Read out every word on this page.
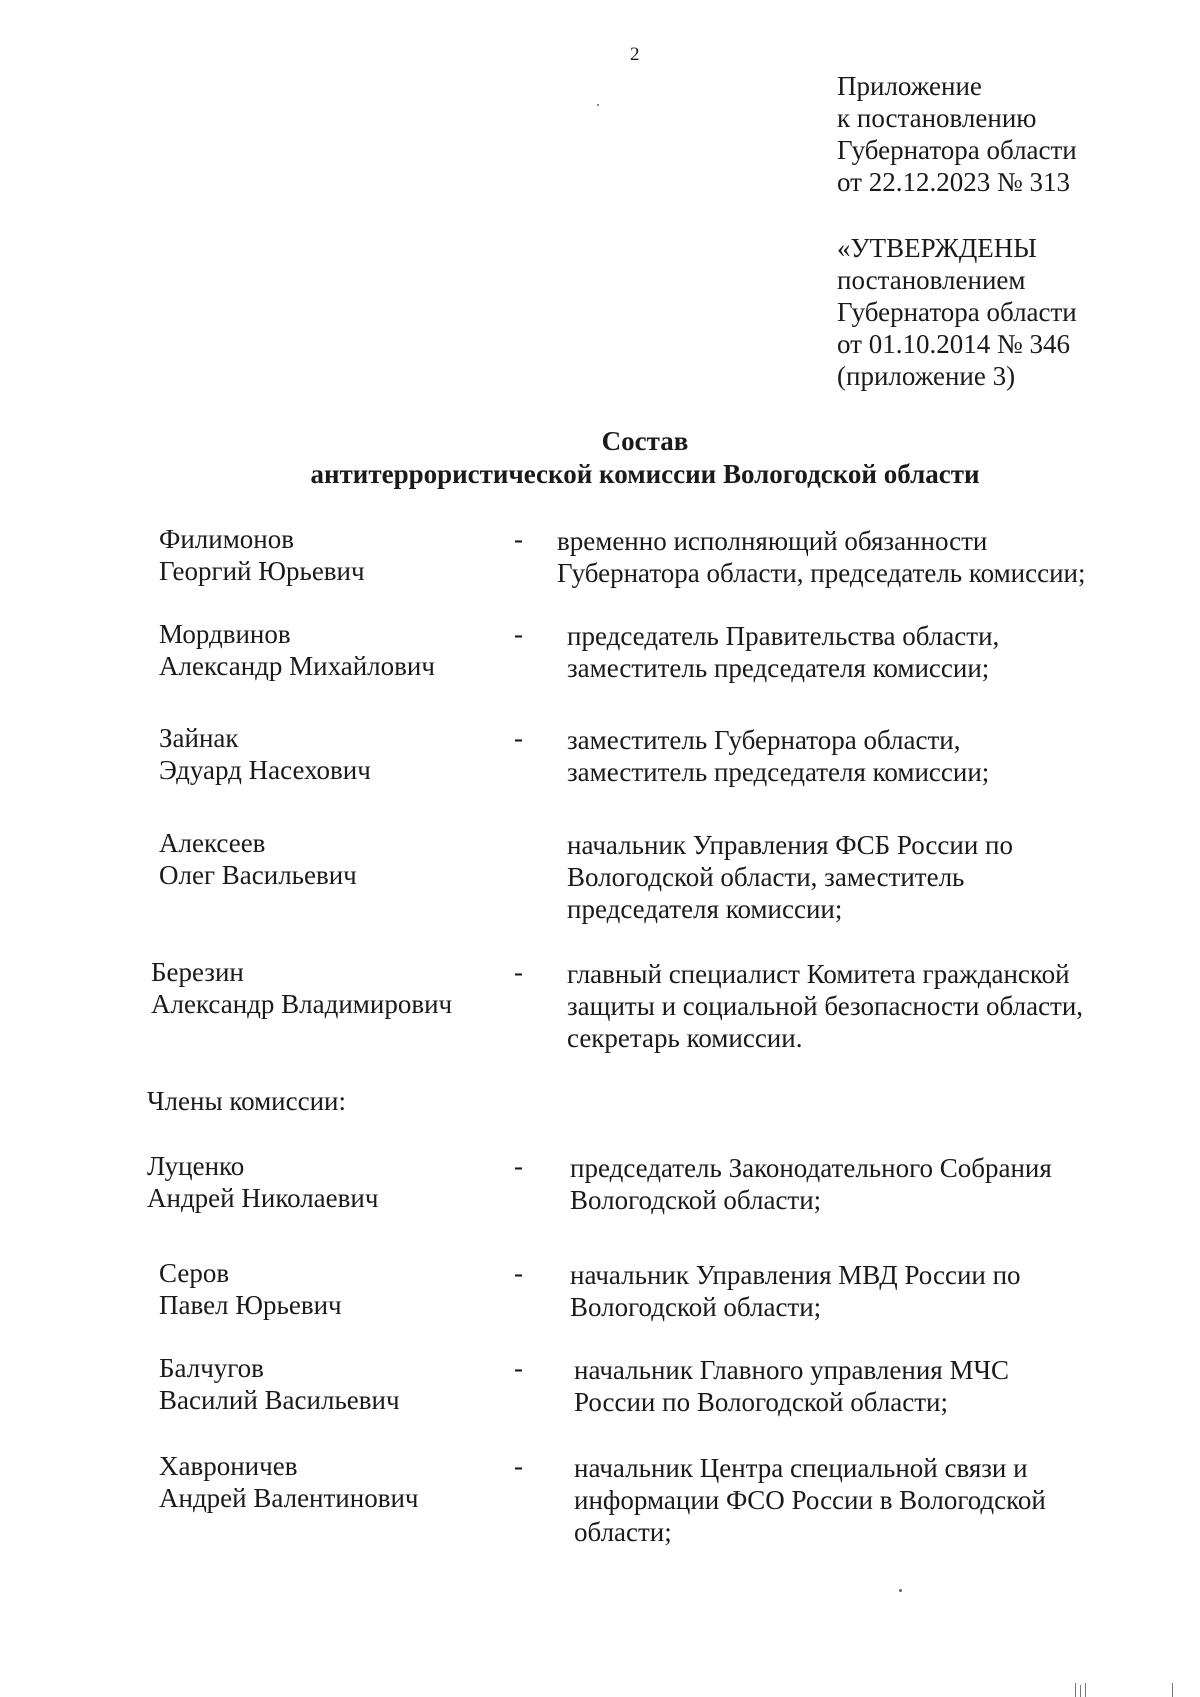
2
Приложение
к постановлению
Губернатора области
от 22.12.2023 № 313
«УТВЕРЖДЕНЫ
постановлением
Губернатора области
от 01.10.2014 № 346
(приложение 3)
Состав
антитеррористической комиссии Вологодской области
Филимонов
Георгий Юрьевич
- временно исполняющий обязанности
Губернатора области, председатель комиссии;
Мордвинов
Александр Михайлович
- председатель Правительства области,
заместитель председателя комиссии;
Зайнак
Эдуард Насехович
- заместитель Губернатора области,
заместитель председателя комиссии;
Алексеев
Олег Васильевич
начальник Управления ФСБ России по
Вологодской области, заместитель
председателя комиссии;
Березин
Александр Владимирович
- главный специалист Комитета гражданской
защиты и социальной безопасности области,
секретарь комиссии.
Члены комиссии:
Луценко
Андрей Николаевич
- председатель Законодательного Собрания
Вологодской области;
Серов
Павел Юрьевич
- начальник Управления МВД России по
Вологодской области;
Балчугов
Василий Васильевич
- начальник Главного управления МЧС
России по Вологодской области;
Хавроничев
Андрей Валентинович
- начальник Центра специальной связи и
информации ФСО России в Вологодской
области;
